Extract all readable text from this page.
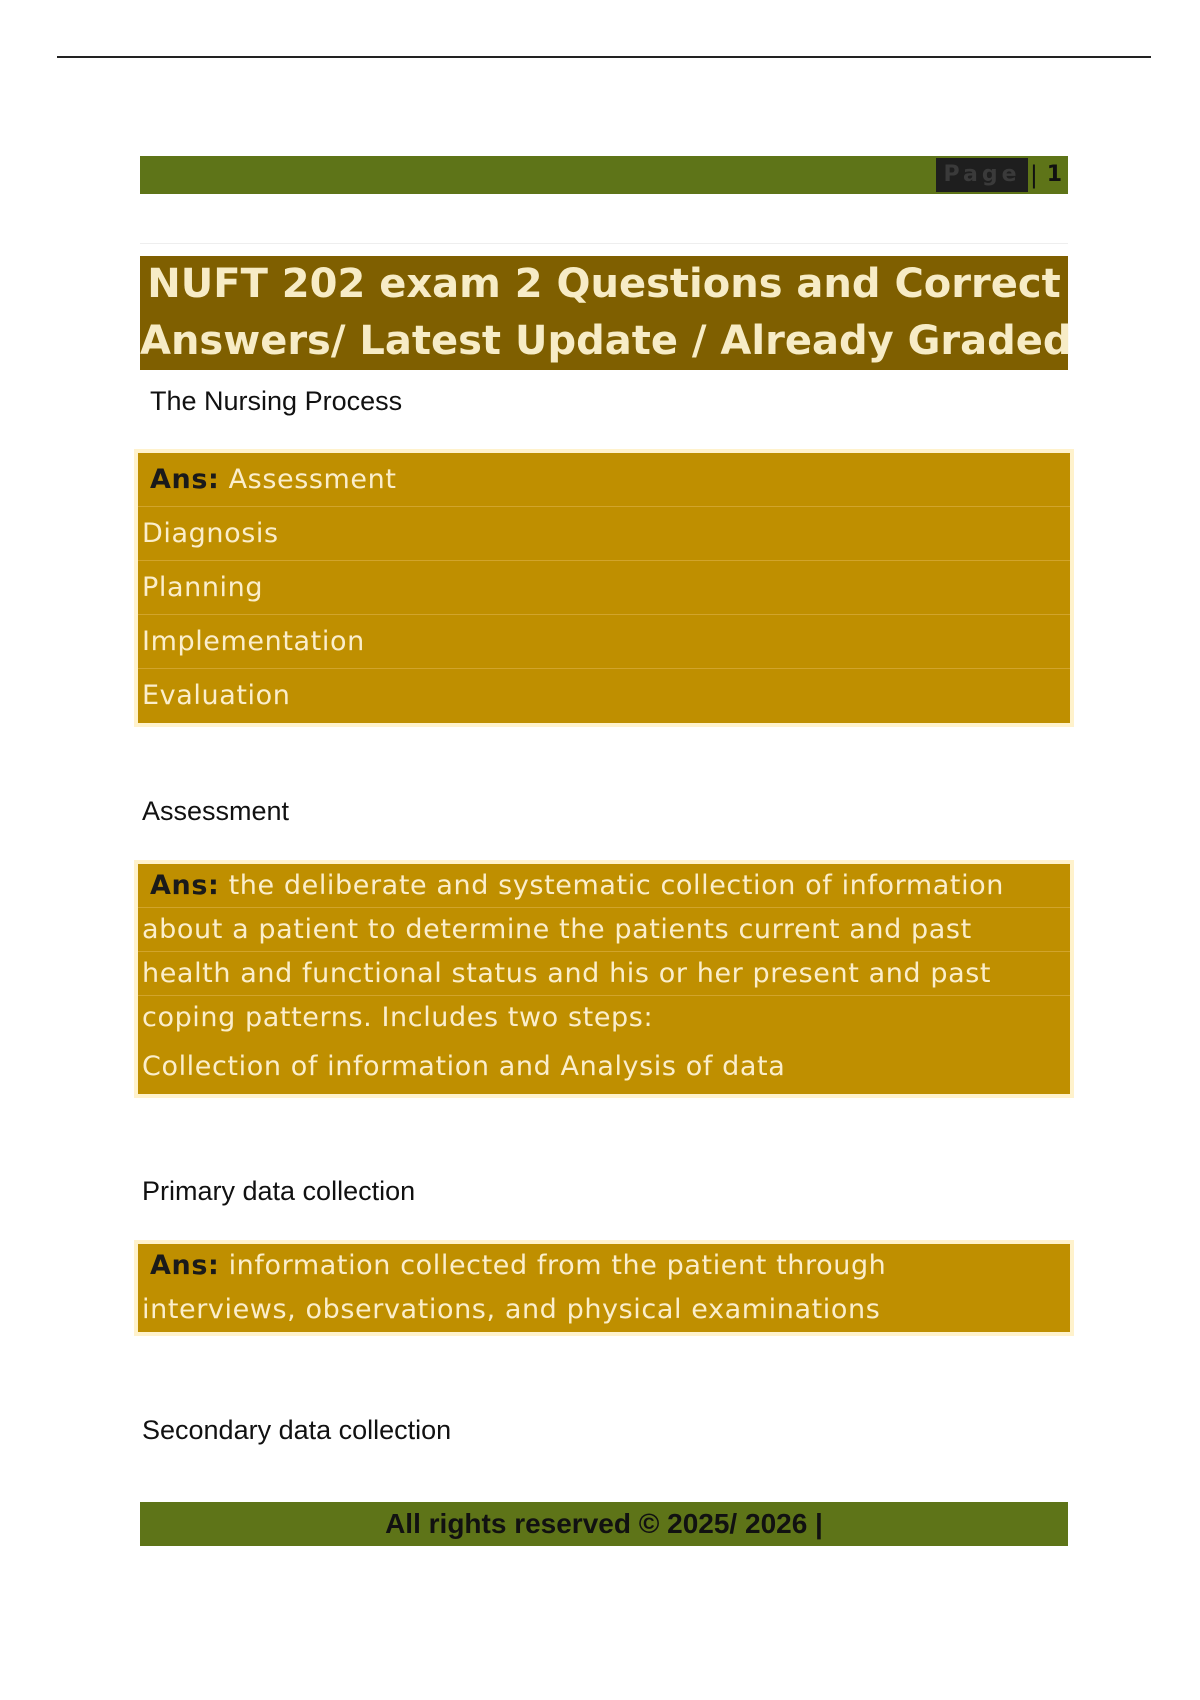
Page | 1
NUFT 202 exam 2 Questions and Correct
Answers/ Latest Update / Already Graded
The Nursing Process
Ans: Assessment
Diagnosis
Planning
Implementation
Evaluation
Assessment
Ans: the deliberate and systematic collection of information
about a patient to determine the patients current and past
health and functional status and his or her present and past
coping patterns. Includes two steps:
Collection of information and Analysis of data
Primary data collection
Ans: information collected from the patient through
interviews, observations, and physical examinations
Secondary data collection
All rights reserved © 2025/ 2026 |
